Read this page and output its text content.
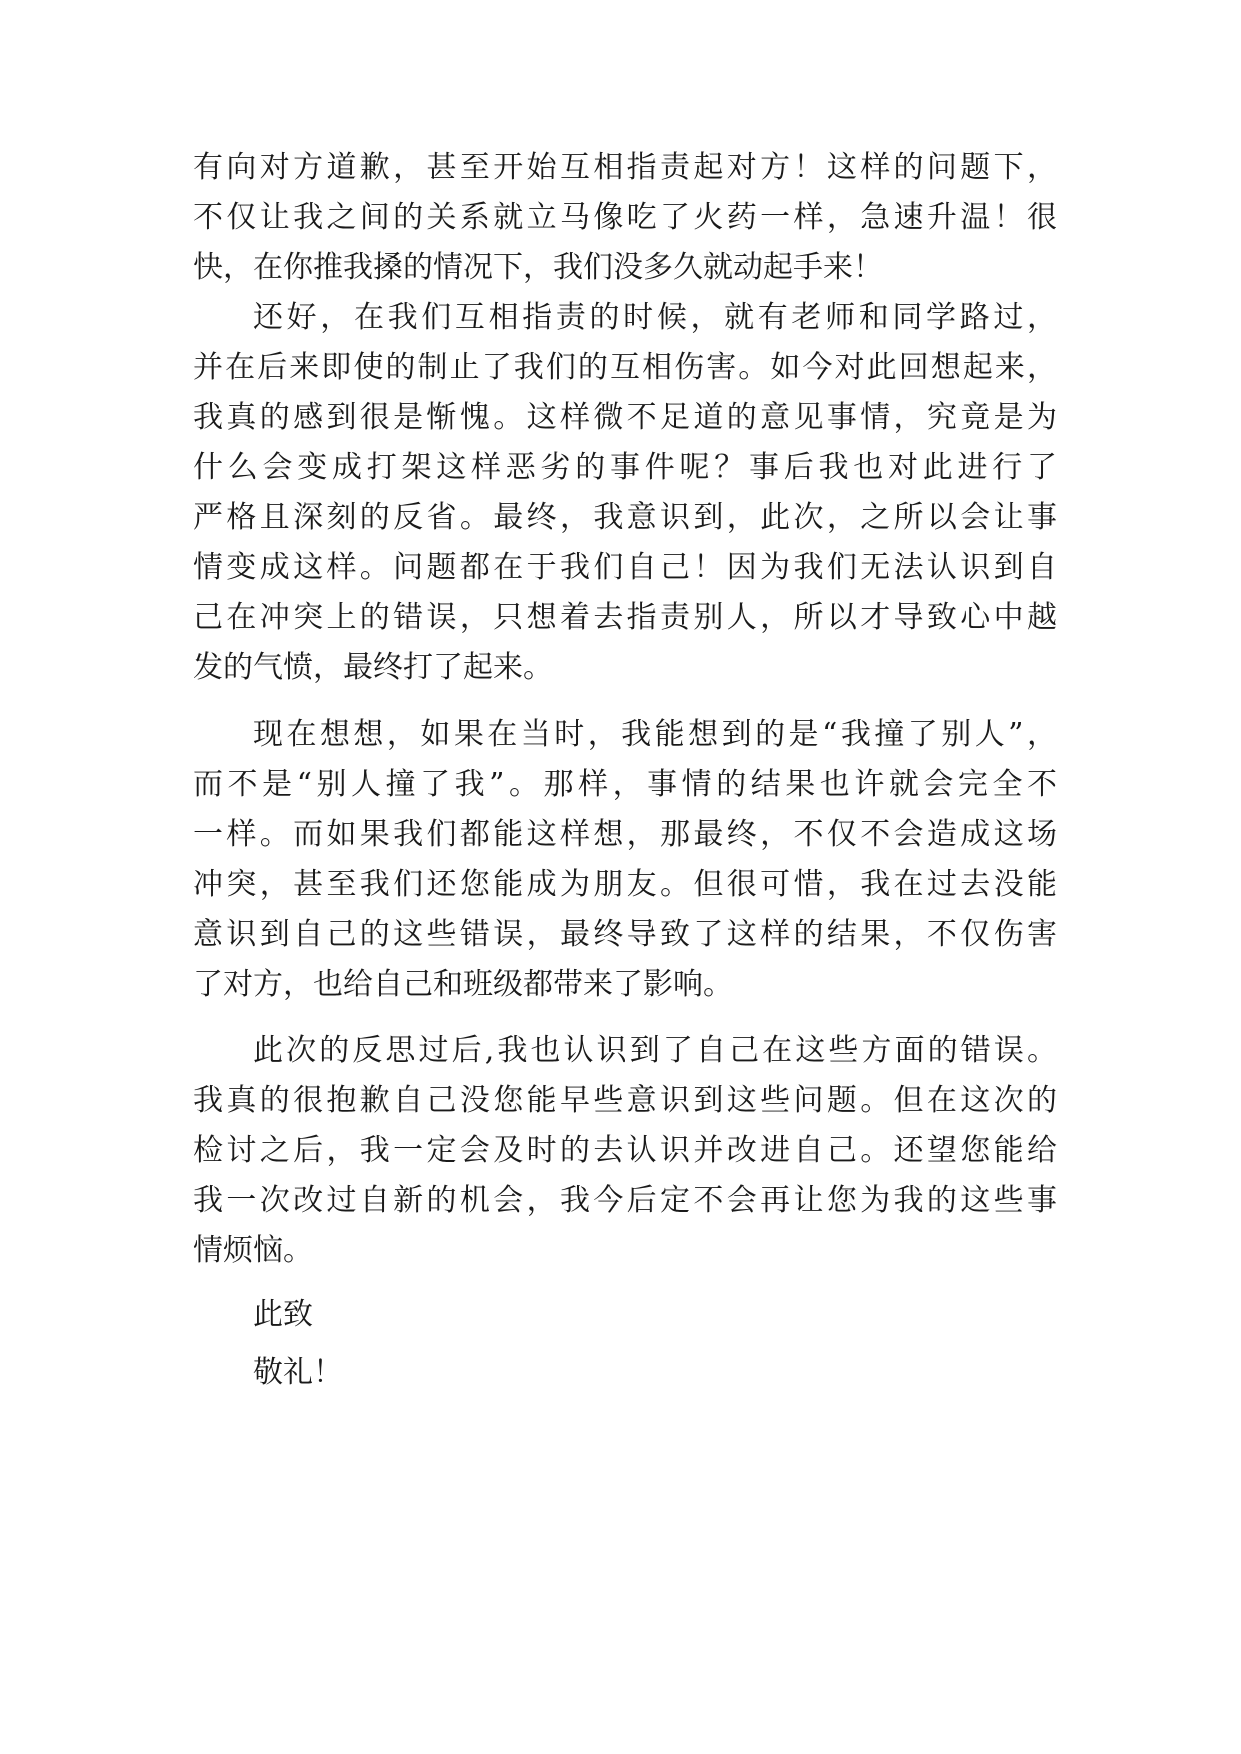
有向对方道歉，甚至开始互相指责起对方！这样的问题下，
不仅让我之间的关系就立马像吃了火药一样，急速升温！很
快，在你推我搡的情况下，我们没多久就动起手来！
还好，在我们互相指责的时候，就有老师和同学路过，
并在后来即使的制止了我们的互相伤害。如今对此回想起来，
我真的感到很是惭愧。这样微不足道的意见事情，究竟是为
什么会变成打架这样恶劣的事件呢？事后我也对此进行了
严格且深刻的反省。最终，我意识到，此次，之所以会让事
情变成这样。问题都在于我们自己！因为我们无法认识到自
己在冲突上的错误，只想着去指责别人，所以才导致心中越
发的气愤，最终打了起来。
现在想想，如果在当时，我能想到的是“我撞了别人”，
而不是“别人撞了我”。那样，事情的结果也许就会完全不
一样。而如果我们都能这样想，那最终，不仅不会造成这场
冲突，甚至我们还您能成为朋友。但很可惜，我在过去没能
意识到自己的这些错误，最终导致了这样的结果，不仅伤害
了对方，也给自己和班级都带来了影响。
此次的反思过后,我也认识到了自己在这些方面的错误。
我真的很抱歉自己没您能早些意识到这些问题。但在这次的
检讨之后，我一定会及时的去认识并改进自己。还望您能给
我一次改过自新的机会，我今后定不会再让您为我的这些事
情烦恼。
此致
敬礼！
